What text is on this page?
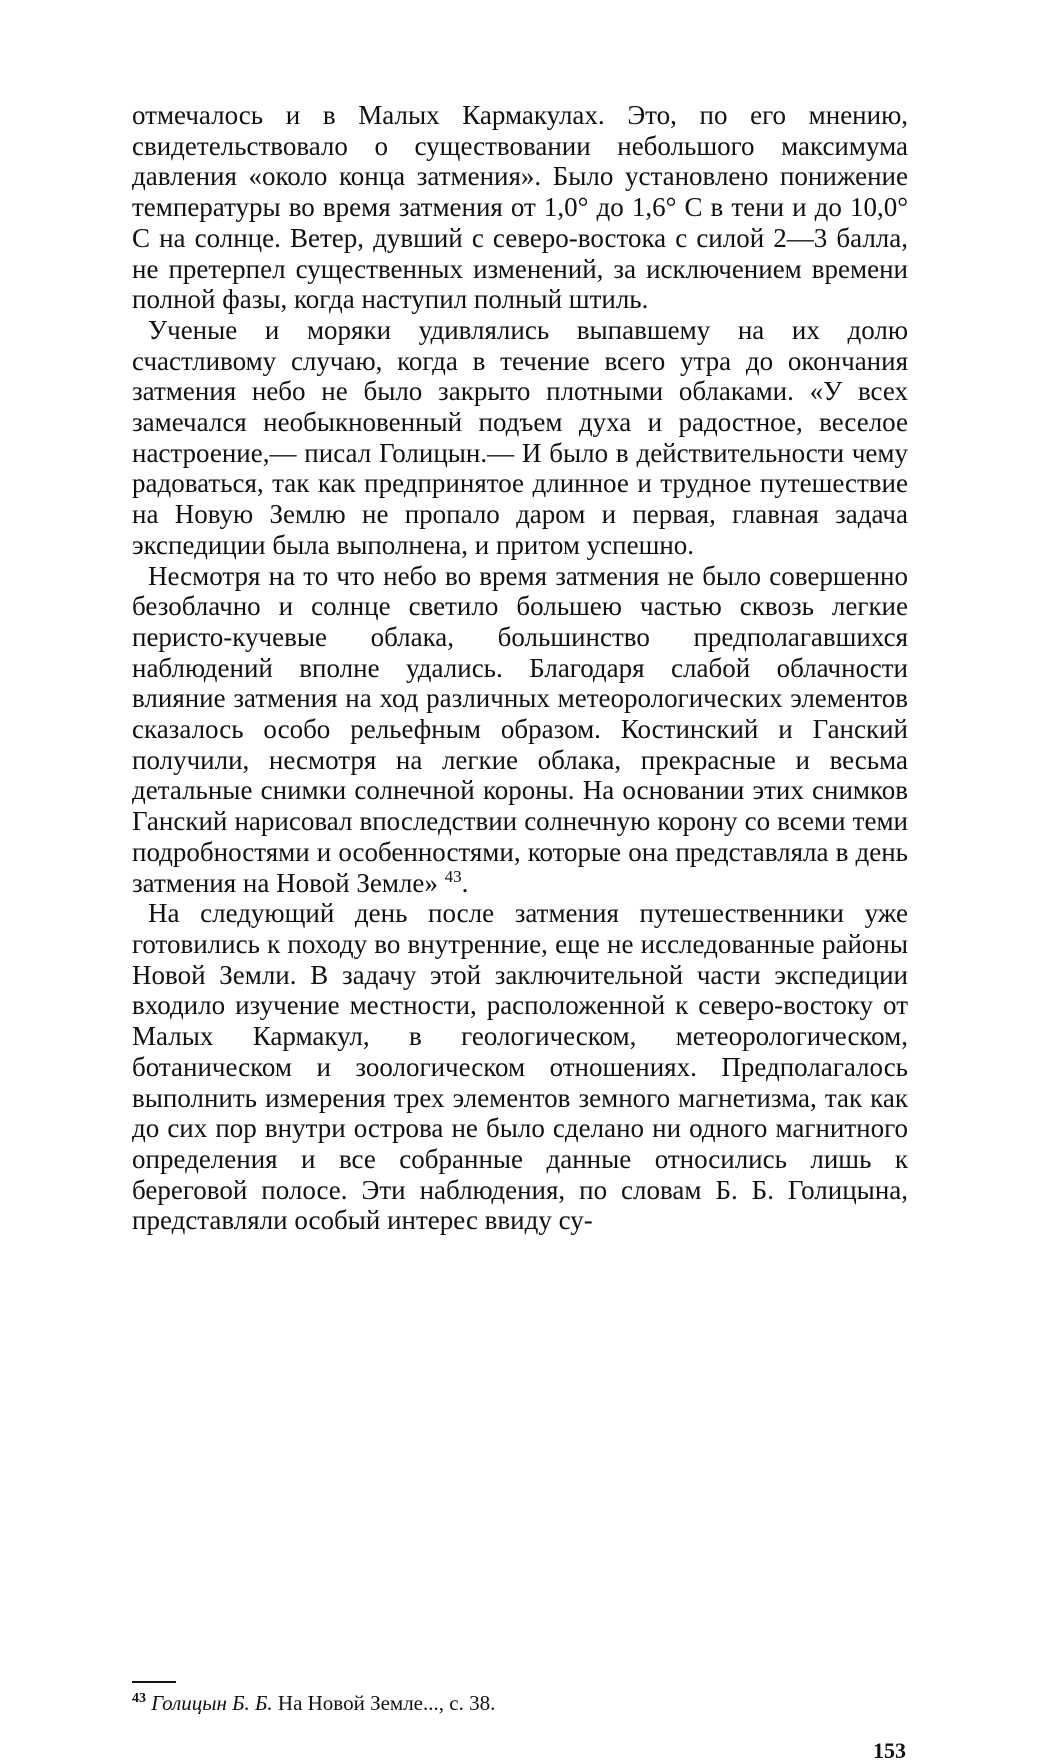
отмечалось и в Малых Кармакулах. Это, по его мнению, свидетельствовало о существовании небольшого максимума давления «около конца затмения». Было установлено понижение температуры во время затмения от 1,0° до 1,6° С в тени и до 10,0° С на солнце. Ветер, дувший с северо-востока с силой 2—3 балла, не претерпел существенных изменений, за исключением времени полной фазы, когда наступил полный штиль.

Ученые и моряки удивлялись выпавшему на их долю счастливому случаю, когда в течение всего утра до окончания затмения небо не было закрыто плотными облаками. «У всех замечался необыкновенный подъем духа и радостное, веселое настроение,— писал Голицын.— И было в действительности чему радоваться, так как предпринятое длинное и трудное путешествие на Новую Землю не пропало даром и первая, главная задача экспедиции была выполнена, и притом успешно.

Несмотря на то что небо во время затмения не было совершенно безоблачно и солнце светило большею частью сквозь легкие перисто-кучевые облака, большинство предполагавшихся наблюдений вполне удались. Благодаря слабой облачности влияние затмения на ход различных метеорологических элементов сказалось особо рельефным образом. Костинский и Ганский получили, несмотря на легкие облака, прекрасные и весьма детальные снимки солнечной короны. На основании этих снимков Ганский нарисовал впоследствии солнечную корону со всеми теми подробностями и особенностями, которые она представляла в день затмения на Новой Земле» $^{43}$.

На следующий день после затмения путешественники уже готовились к походу во внутренние, еще не исследованные районы Новой Земли. В задачу этой заключительной части экспедиции входило изучение местности, расположенной к северо-востоку от Малых Кармакул, в геологическом, метеорологическом, ботаническом и зоологическом отношениях. Предполагалось выполнить измерения трех элементов земного магнетизма, так как до сих пор внутри острова не было сделано ни одного магнитного определения и все собранные данные относились лишь к береговой полосе. Эти наблюдения, по словам Б. Б. Голицына, представляли особый интерес ввиду су-

$^{43}$ Голицын Б. Б. На Новой Земле..., с. 38.
153
